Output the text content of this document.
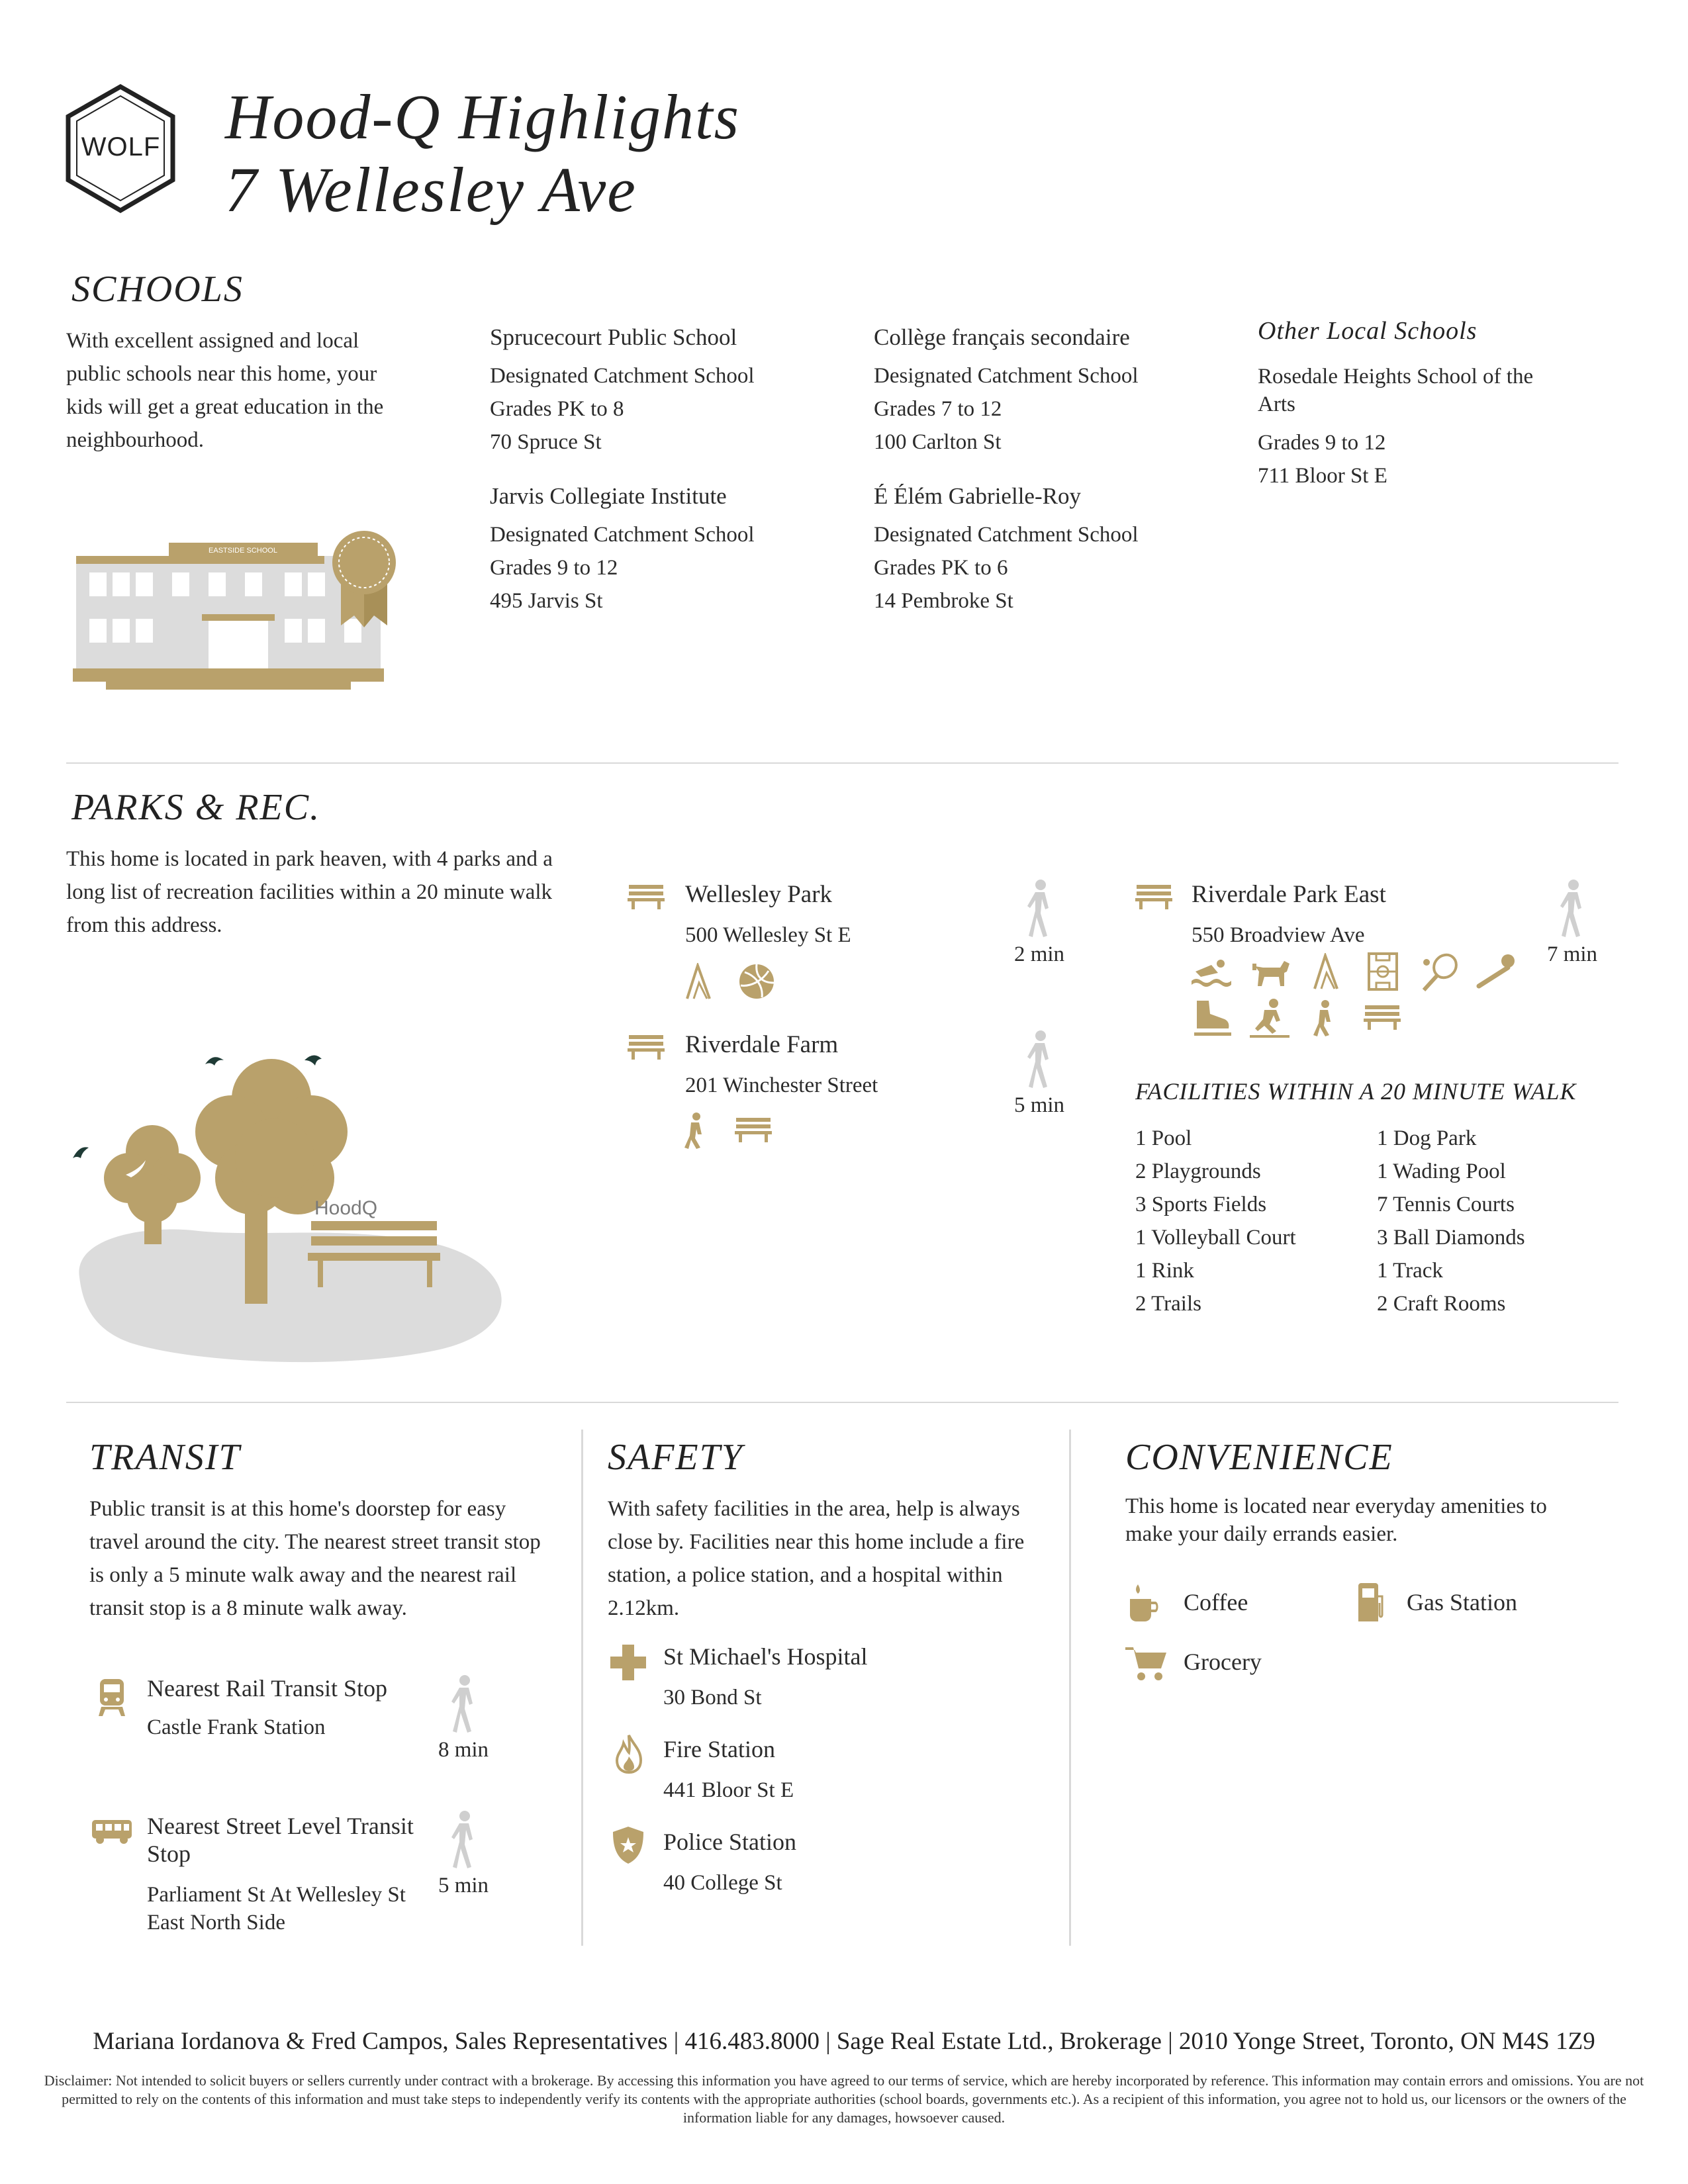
WOLF Hood-Q Highlights
7 Wellesley Ave
SCHOOLS
With excellent assigned and local public schools near this home, your kids will get a great education in the neighbourhood.
EASTSIDE SCHOOL
Sprucecourt Public School
Designated Catchment School
Grades PK to 8
70 Spruce St
Jarvis Collegiate Institute
Designated Catchment School
Grades 9 to 12
495 Jarvis St
Collège français secondaire
Designated Catchment School
Grades 7 to 12
100 Carlton St
É Élém Gabrielle-Roy
Designated Catchment School
Grades PK to 6
14 Pembroke St
Other Local Schools
Rosedale Heights School of the Arts
Grades 9 to 12
711 Bloor St E
PARKS & REC.
This home is located in park heaven, with 4 parks and a long list of recreation facilities within a 20 minute walk from this address.
HoodQ
Wellesley Park
500 Wellesley St E
2 min
Riverdale Farm
201 Winchester Street
5 min
Riverdale Park East
550 Broadview Ave
7 min
FACILITIES WITHIN A 20 MINUTE WALK
1 Pool
2 Playgrounds
3 Sports Fields
1 Volleyball Court
1 Rink
2 Trails
1 Dog Park
1 Wading Pool
7 Tennis Courts
3 Ball Diamonds
1 Track
2 Craft Rooms
TRANSIT
Public transit is at this home's doorstep for easy travel around the city. The nearest street transit stop is only a 5 minute walk away and the nearest rail transit stop is a 8 minute walk away.
Nearest Rail Transit Stop
Castle Frank Station
8 min
Nearest Street Level Transit Stop
Parliament St At Wellesley St East North Side
5 min
SAFETY
With safety facilities in the area, help is always close by. Facilities near this home include a fire station, a police station, and a hospital within 2.12km.
St Michael's Hospital
30 Bond St
Fire Station
441 Bloor St E
Police Station
40 College St
CONVENIENCE
This home is located near everyday amenities to make your daily errands easier.
Coffee	Gas Station
Grocery
Mariana Iordanova & Fred Campos, Sales Representatives | 416.483.8000 | Sage Real Estate Ltd., Brokerage | 2010 Yonge Street, Toronto, ON M4S 1Z9
Disclaimer: Not intended to solicit buyers or sellers currently under contract with a brokerage. By accessing this information you have agreed to our terms of service, which are hereby incorporated by reference. This information may contain errors and omissions. You are not permitted to rely on the contents of this information and must take steps to independently verify its contents with the appropriate authorities (school boards, governments etc.). As a recipient of this information, you agree not to hold us, our licensors or the owners of the information liable for any damages, howsoever caused.
